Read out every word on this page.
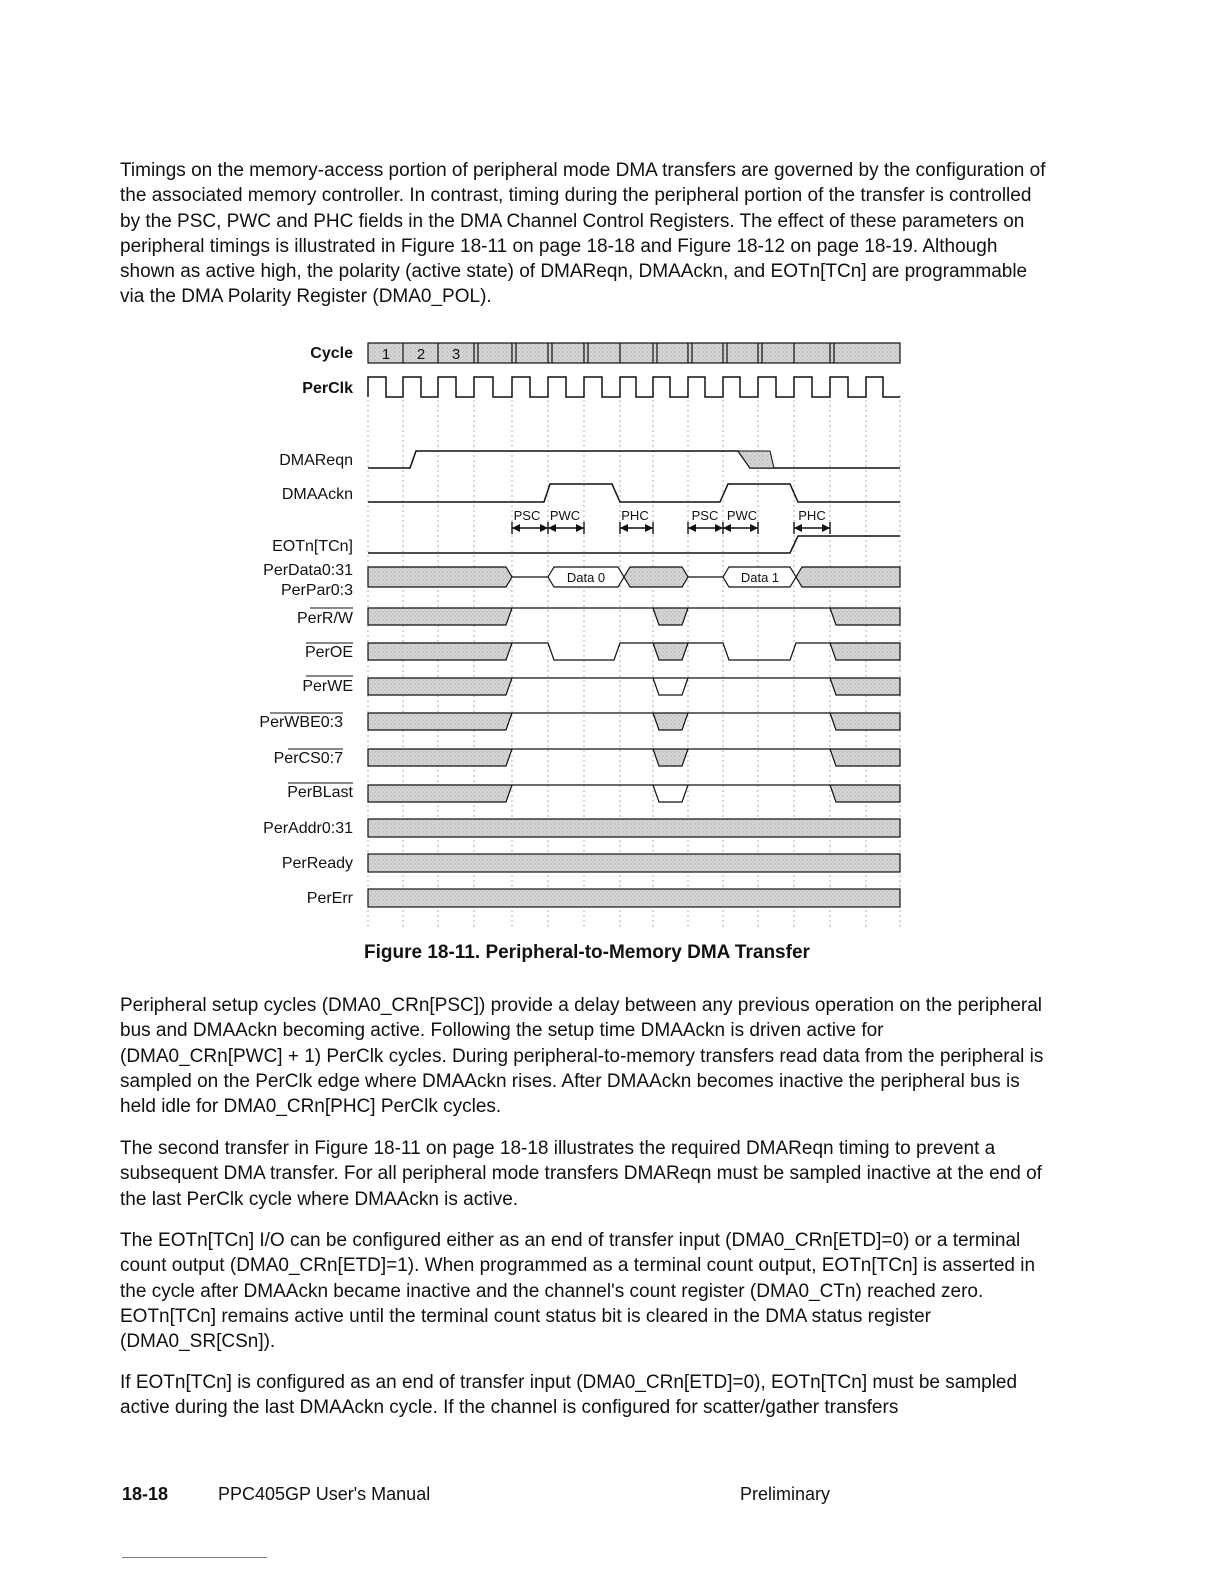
Timings on the memory-access portion of peripheral mode DMA transfers are governed by the configuration of the associated memory controller. In contrast, timing during the peripheral portion of the transfer is controlled by the PSC, PWC and PHC fields in the DMA Channel Control Registers. The effect of these parameters on peripheral timings is illustrated in Figure 18-11 on page 18-18 and Figure 18-12 on page 18-19. Although shown as active high, the polarity (active state) of DMAReqn, DMAAckn, and EOTn[TCn] are programmable via the DMA Polarity Register (DMA0_POL).

Cycle
PerClk
DMAReqn
DMAAckn
EOTn[TCn]
PerData0:31
PerPar0:3
PerR/W
PerOE
PerWE
PerWBE0:3
PerCS0:7
PerBLast
PerAddr0:31
PerReady
PerErr
1 2 3
PSC PWC	PHC	PSC PWC	PHC
Data 0	Data 1

Figure 18-11. Peripheral-to-Memory DMA Transfer

Peripheral setup cycles (DMA0_CRn[PSC]) provide a delay between any previous operation on the peripheral bus and DMAAckn becoming active. Following the setup time DMAAckn is driven active for (DMA0_CRn[PWC] + 1) PerClk cycles. During peripheral-to-memory transfers read data from the peripheral is sampled on the PerClk edge where DMAAckn rises. After DMAAckn becomes inactive the peripheral bus is held idle for DMA0_CRn[PHC] PerClk cycles.

The second transfer in Figure 18-11 on page 18-18 illustrates the required DMAReqn timing to prevent a subsequent DMA transfer. For all peripheral mode transfers DMAReqn must be sampled inactive at the end of the last PerClk cycle where DMAAckn is active.

The EOTn[TCn] I/O can be configured either as an end of transfer input (DMA0_CRn[ETD]=0) or a terminal count output (DMA0_CRn[ETD]=1). When programmed as a terminal count output, EOTn[TCn] is asserted in the cycle after DMAAckn became inactive and the channel's count register (DMA0_CTn) reached zero. EOTn[TCn] remains active until the terminal count status bit is cleared in the DMA status register (DMA0_SR[CSn]).

If EOTn[TCn] is configured as an end of transfer input (DMA0_CRn[ETD]=0), EOTn[TCn] must be sampled active during the last DMAAckn cycle. If the channel is configured for scatter/gather transfers

18-18	PPC405GP User's Manual	Preliminary
